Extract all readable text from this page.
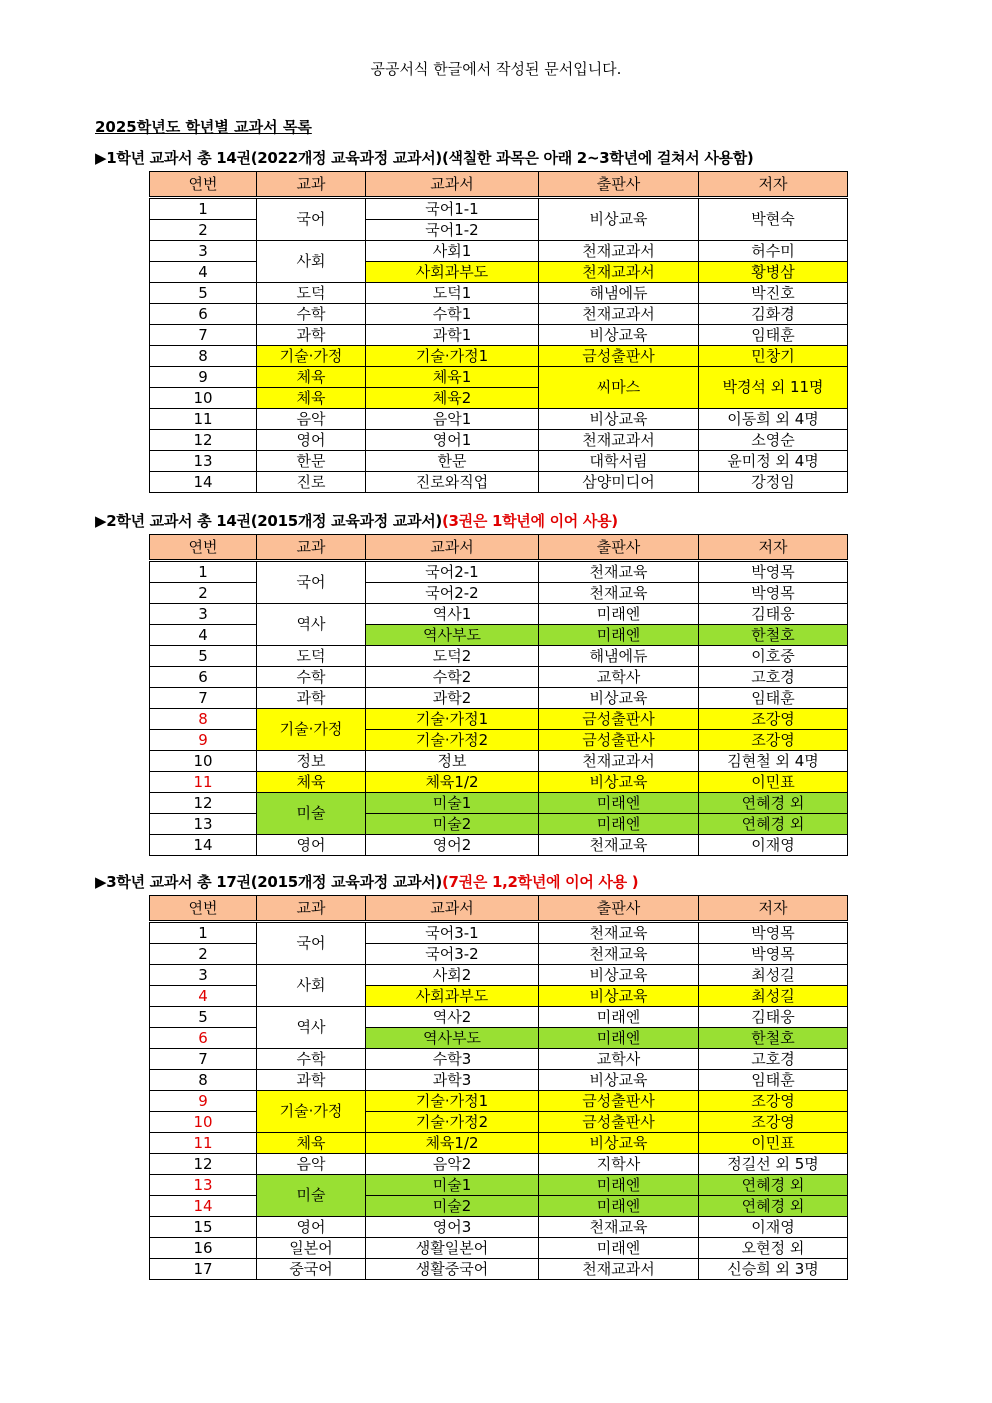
공공서식 한글에서 작성된 문서입니다.
2025학년도 학년별 교과서 목록
▶1학년 교과서 총 14권(2022개정 교육과정 교과서)(색칠한 과목은 아래 2~3학년에 걸쳐서 사용함)
연번	교과	교과서	출판사	저자
1	국어	국어1-1	비상교육	박현숙
2		국어1-2		
3	사회	사회1	천재교과서	허수미
4		사회과부도	천재교과서	황병삼
5	도덕	도덕1	해냄에듀	박진호
6	수학	수학1	천재교과서	김화경
7	과학	과학1	비상교육	임태훈
8	기술·가정	기술·가정1	금성출판사	민창기
9	체육	체육1	씨마스	박경석 외 11명
10	체육	체육2		
11	음악	음악1	비상교육	이동희 외 4명
12	영어	영어1	천재교과서	소영순
13	한문	한문	대학서림	윤미정 외 4명
14	진로	진로와직업	삼양미디어	강정임
▶2학년 교과서 총 14권(2015개정 교육과정 교과서)(3권은 1학년에 이어 사용)
연번	교과	교과서	출판사	저자
1	국어	국어2-1	천재교육	박영목
2		국어2-2	천재교육	박영목
3	역사	역사1	미래엔	김태웅
4		역사부도	미래엔	한철호
5	도덕	도덕2	해냄에듀	이호중
6	수학	수학2	교학사	고호경
7	과학	과학2	비상교육	임태훈
8	기술·가정	기술·가정1	금성출판사	조강영
9		기술·가정2	금성출판사	조강영
10	정보	정보	천재교과서	김현철 외 4명
11	체육	체육1/2	비상교육	이민표
12	미술	미술1	미래엔	연혜경 외
13		미술2	미래엔	연혜경 외
14	영어	영어2	천재교육	이재영
▶3학년 교과서 총 17권(2015개정 교육과정 교과서)(7권은 1,2학년에 이어 사용 )
연번	교과	교과서	출판사	저자
1	국어	국어3-1	천재교육	박영목
2		국어3-2	천재교육	박영목
3	사회	사회2	비상교육	최성길
4		사회과부도	비상교육	최성길
5	역사	역사2	미래엔	김태웅
6		역사부도	미래엔	한철호
7	수학	수학3	교학사	고호경
8	과학	과학3	비상교육	임태훈
9	기술·가정	기술·가정1	금성출판사	조강영
10		기술·가정2	금성출판사	조강영
11	체육	체육1/2	비상교육	이민표
12	음악	음악2	지학사	정길선 외 5명
13	미술	미술1	미래엔	연혜경 외
14		미술2	미래엔	연혜경 외
15	영어	영어3	천재교육	이재영
16	일본어	생활일본어	미래엔	오현정 외
17	중국어	생활중국어	천재교과서	신승희 외 3명
